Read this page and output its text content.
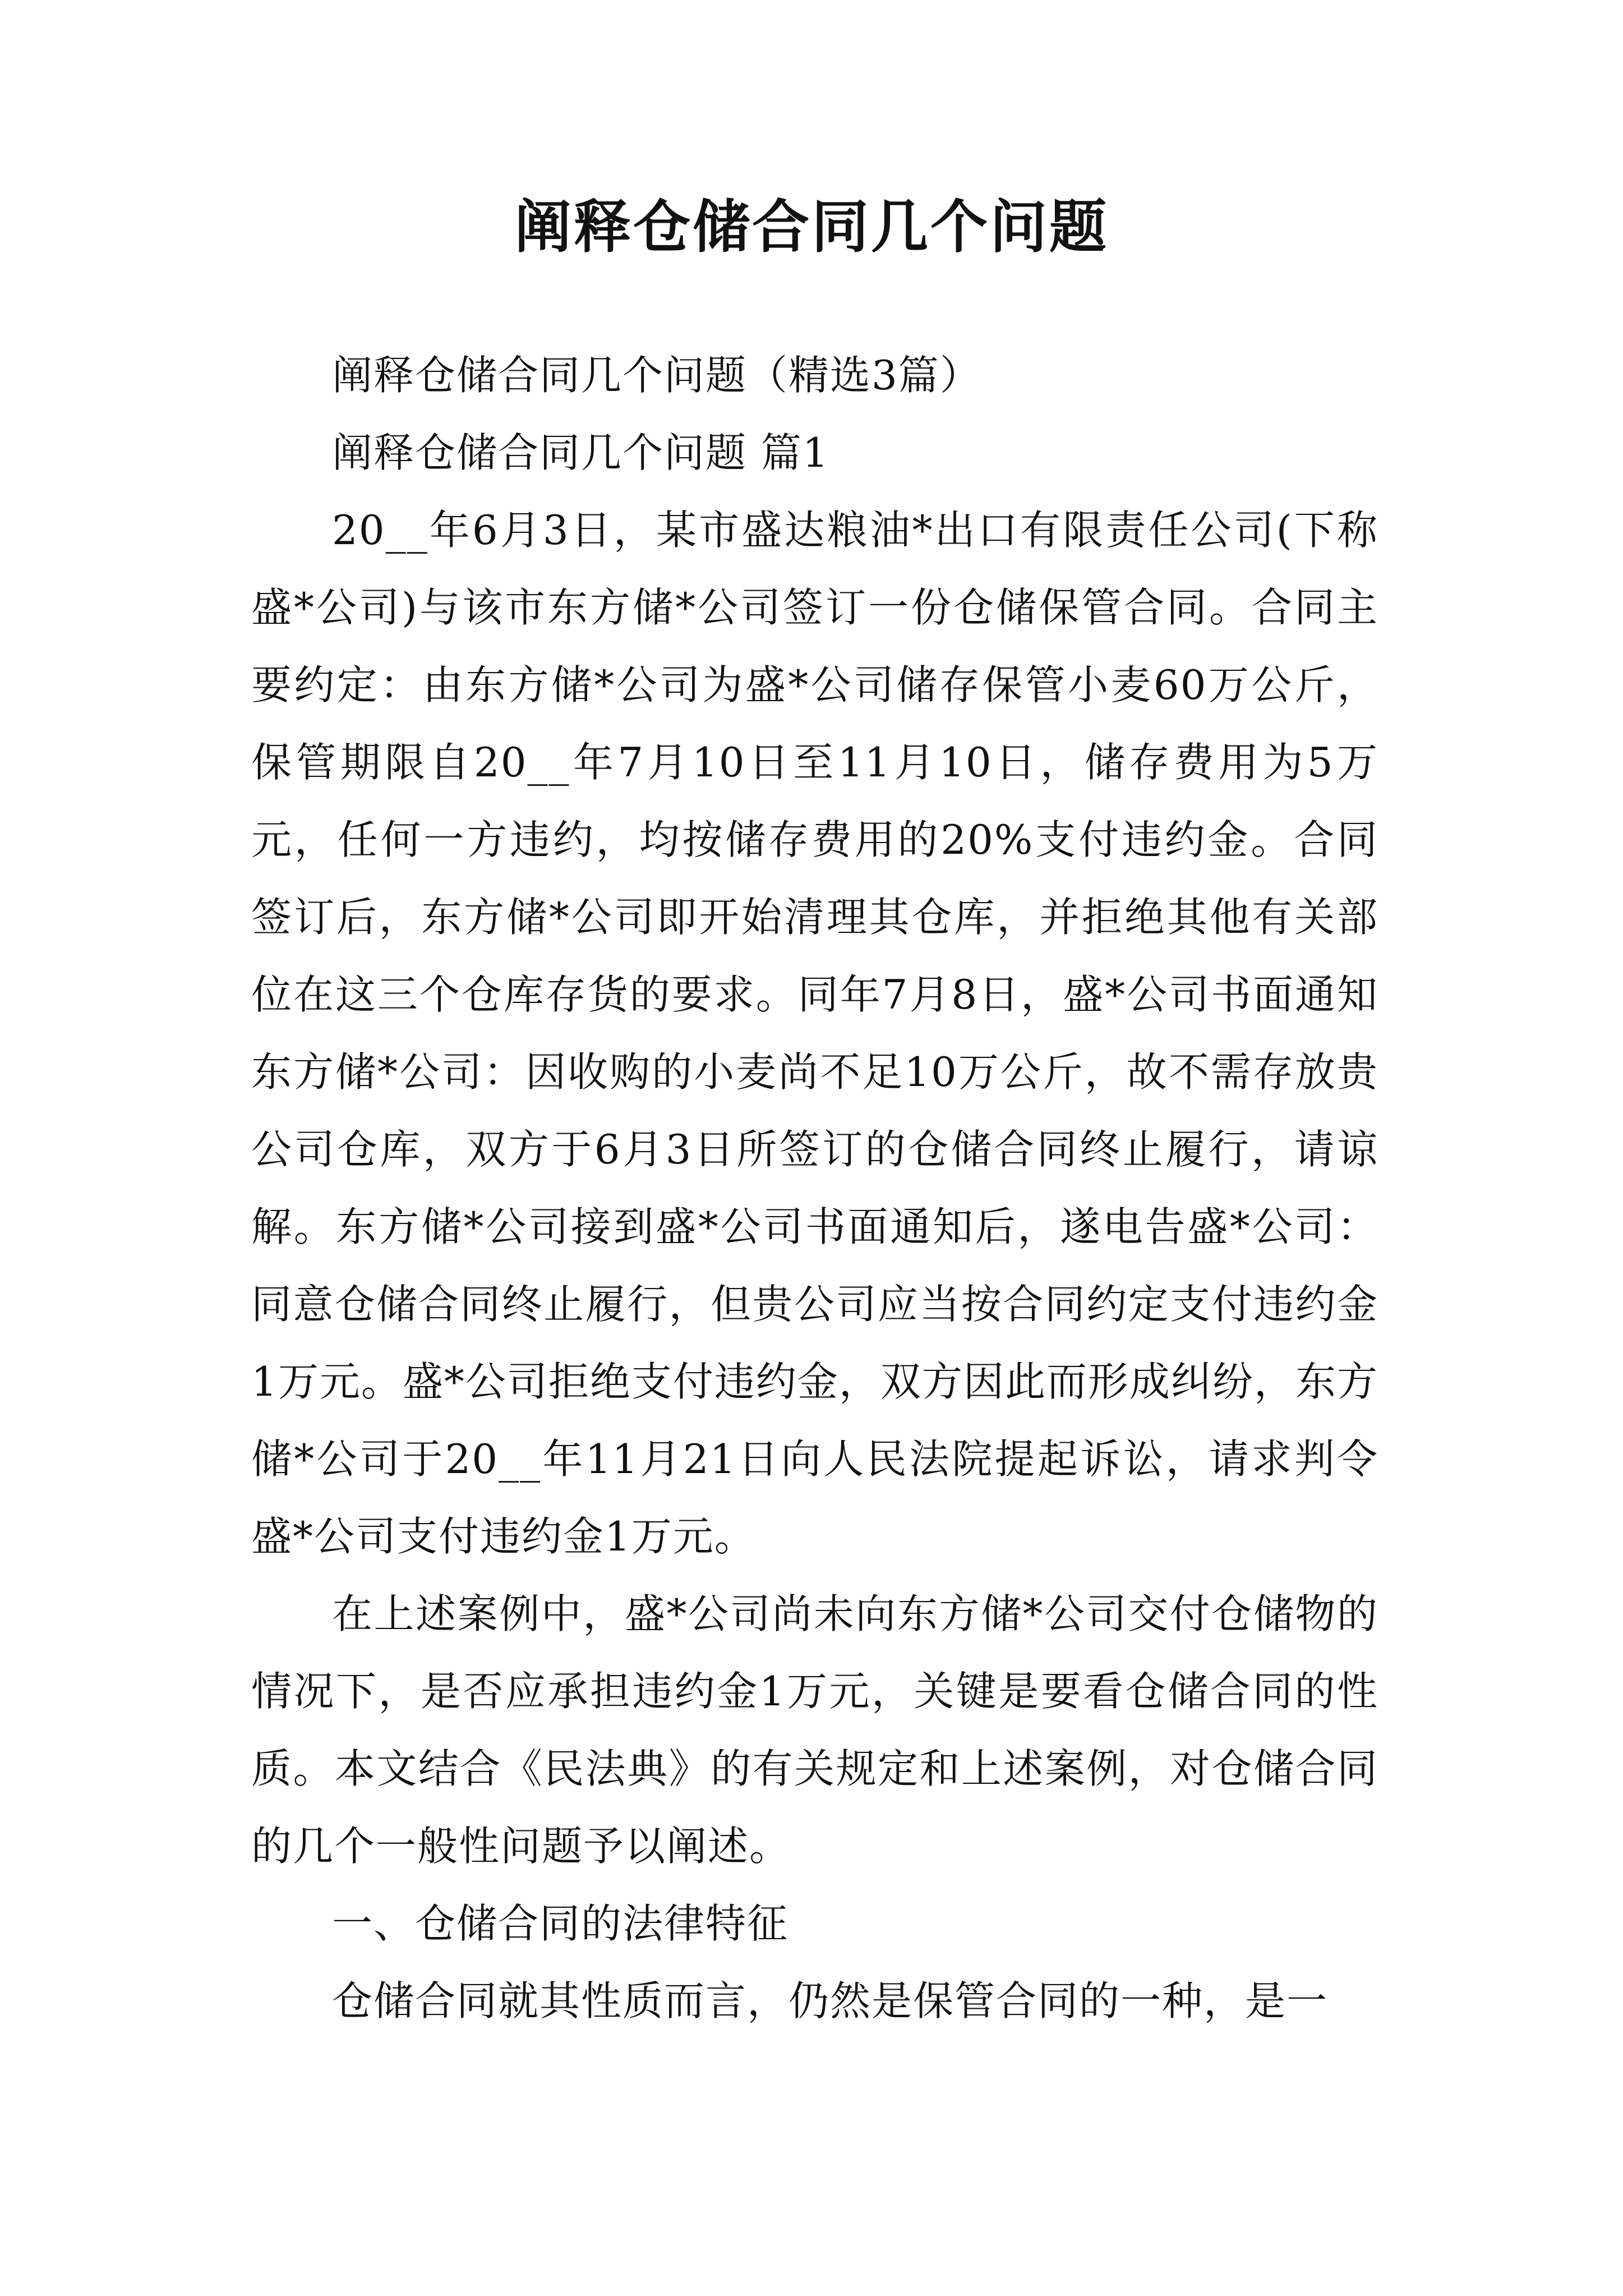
阐释仓储合同几个问题

阐释仓储合同几个问题（精选3篇）

阐释仓储合同几个问题 篇1

20__年6月3日，某市盛达粮油*出口有限责任公司(下称盛*公司)与该市东方储*公司签订一份仓储保管合同。合同主要约定：由东方储*公司为盛*公司储存保管小麦60万公斤，保管期限自20__年7月10日至11月10日，储存费用为5万元，任何一方违约，均按储存费用的20%支付违约金。合同签订后，东方储*公司即开始清理其仓库，并拒绝其他有关部位在这三个仓库存货的要求。同年7月8日，盛*公司书面通知东方储*公司：因收购的小麦尚不足10万公斤，故不需存放贵公司仓库，双方于6月3日所签订的仓储合同终止履行，请谅解。东方储*公司接到盛*公司书面通知后，遂电告盛*公司：同意仓储合同终止履行，但贵公司应当按合同约定支付违约金1万元。盛*公司拒绝支付违约金，双方因此而形成纠纷，东方储*公司于20__年11月21日向人民法院提起诉讼，请求判令盛*公司支付违约金1万元。

在上述案例中，盛*公司尚未向东方储*公司交付仓储物的情况下，是否应承担违约金1万元，关键是要看仓储合同的性质。本文结合《民法典》的有关规定和上述案例，对仓储合同的几个一般性问题予以阐述。

一、仓储合同的法律特征

仓储合同就其性质而言，仍然是保管合同的一种，是一
